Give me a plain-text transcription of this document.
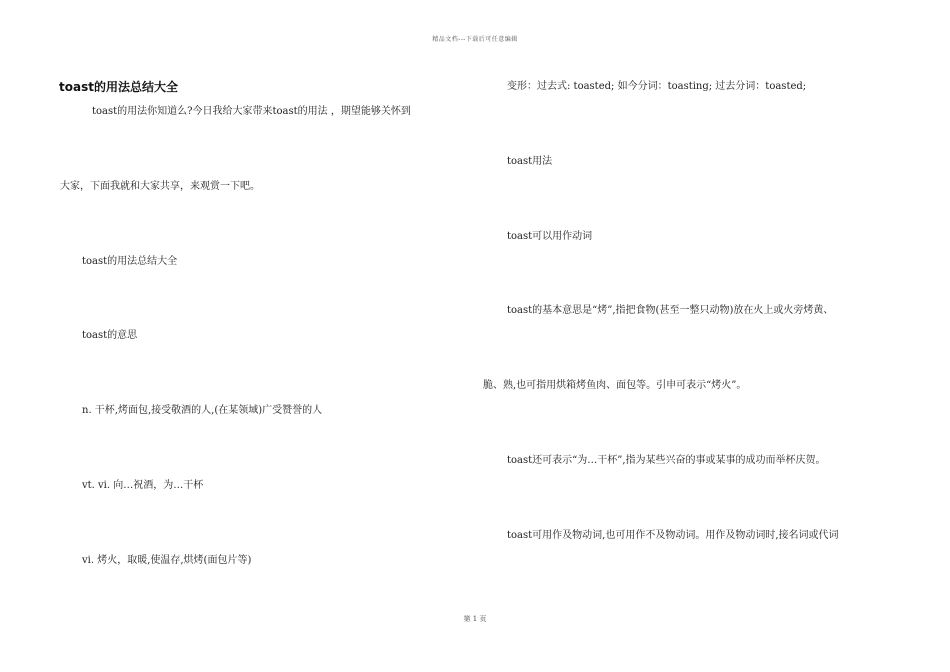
精品文档---下载后可任意编辑
toast的用法总结大全
toast的用法你知道么?今日我给大家带来toast的用法 ，期望能够关怀到
大家，下面我就和大家共享，来观赏一下吧。
toast的用法总结大全
toast的意思
n. 干杯,烤面包,接受敬酒的人,(在某领域)广受赞誉的人
vt. vi. 向…祝酒，为…干杯
vi. 烤火，取暖,使温存,烘烤(面包片等)
变形：过去式: toasted; 如今分词：toasting; 过去分词：toasted;
toast用法
toast可以用作动词
toast的基本意思是“烤”,指把食物(甚至一整只动物)放在火上或火旁烤黄、
脆、熟,也可指用烘箱烤鱼肉、面包等。引申可表示“烤火”。
toast还可表示“为…干杯”,指为某些兴奋的事或某事的成功而举杯庆贺。
toast可用作及物动词,也可用作不及物动词。用作及物动词时,接名词或代词
第 1 页
